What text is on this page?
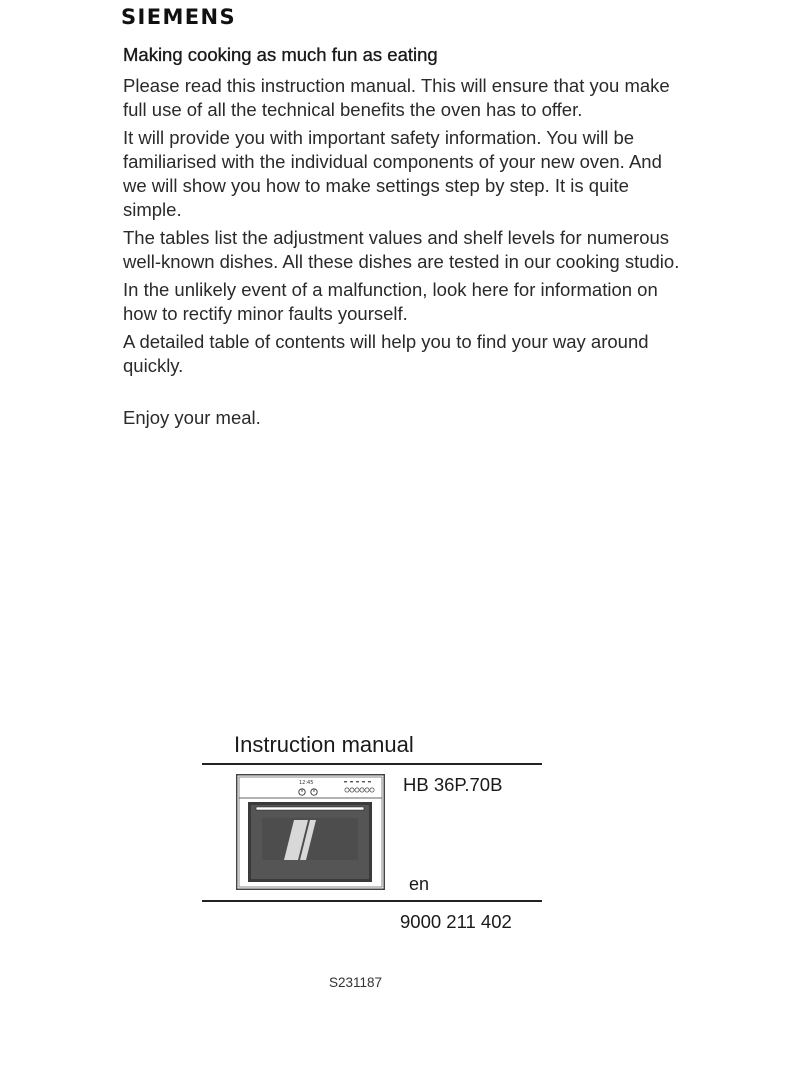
SIEMENS
Making cooking as much fun as eating

Please read this instruction manual. This will ensure that you make full use of all the technical benefits the oven has to offer.

It will provide you with important safety information. You will be familiarised with the individual components of your new oven. And we will show you how to make settings step by step. It is quite simple.

The tables list the adjustment values and shelf levels for numerous well-known dishes. All these dishes are tested in our cooking studio.

In the unlikely event of a malfunction, look here for information on how to rectify minor faults yourself.

A detailed table of contents will help you to find your way around quickly.

Enjoy your meal.

Instruction manual
12:45	HB 36P.70B
en
9000 211 402
S231187
